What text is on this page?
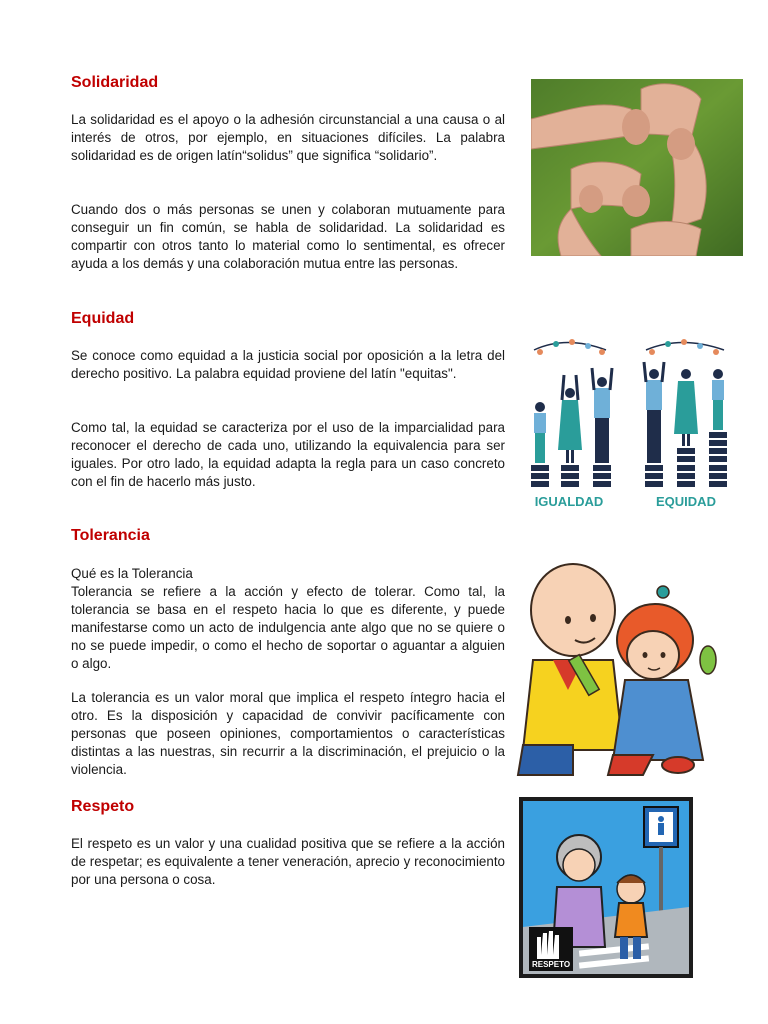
Solidaridad

La solidaridad es el apoyo o la adhesión circunstancial a una causa o al interés de otros, por ejemplo, en situaciones difíciles. La palabra solidaridad es de origen latín“solidus” que significa “solidario”.

Cuando dos o más personas se unen y colaboran mutuamente para conseguir un fin común, se habla de solidaridad. La solidaridad es compartir con otros tanto lo material como lo sentimental, es ofrecer ayuda a los demás y una colaboración mutua entre las personas.

Equidad

Se conoce como equidad a la justicia social por oposición a la letra del derecho positivo. La palabra equidad proviene del latín "equitas".

Como tal, la equidad se caracteriza por el uso de la imparcialidad para reconocer el derecho de cada uno, utilizando la equivalencia para ser iguales. Por otro lado, la equidad adapta la regla para un caso concreto con el fin de hacerlo más justo.

IGUALDAD	EQUIDAD
Tolerancia

Qué es la Tolerancia

Tolerancia se refiere a la acción y efecto de tolerar. Como tal, la tolerancia se basa en el respeto hacia lo que es diferente, y puede manifestarse como un acto de indulgencia ante algo que no se quiere o no se puede impedir, o como el hecho de soportar o aguantar a alguien o algo.

La tolerancia es un valor moral que implica el respeto íntegro hacia el otro. Es la disposición y capacidad de convivir pacíficamente con personas que poseen opiniones, comportamientos o características distintas a las nuestras, sin recurrir a la discriminación, el prejuicio o la violencia.

Respeto

El respeto es un valor y una cualidad positiva que se refiere a la acción de respetar; es equivalente a tener veneración, aprecio y reconocimiento por una persona o cosa.

RESPETO
